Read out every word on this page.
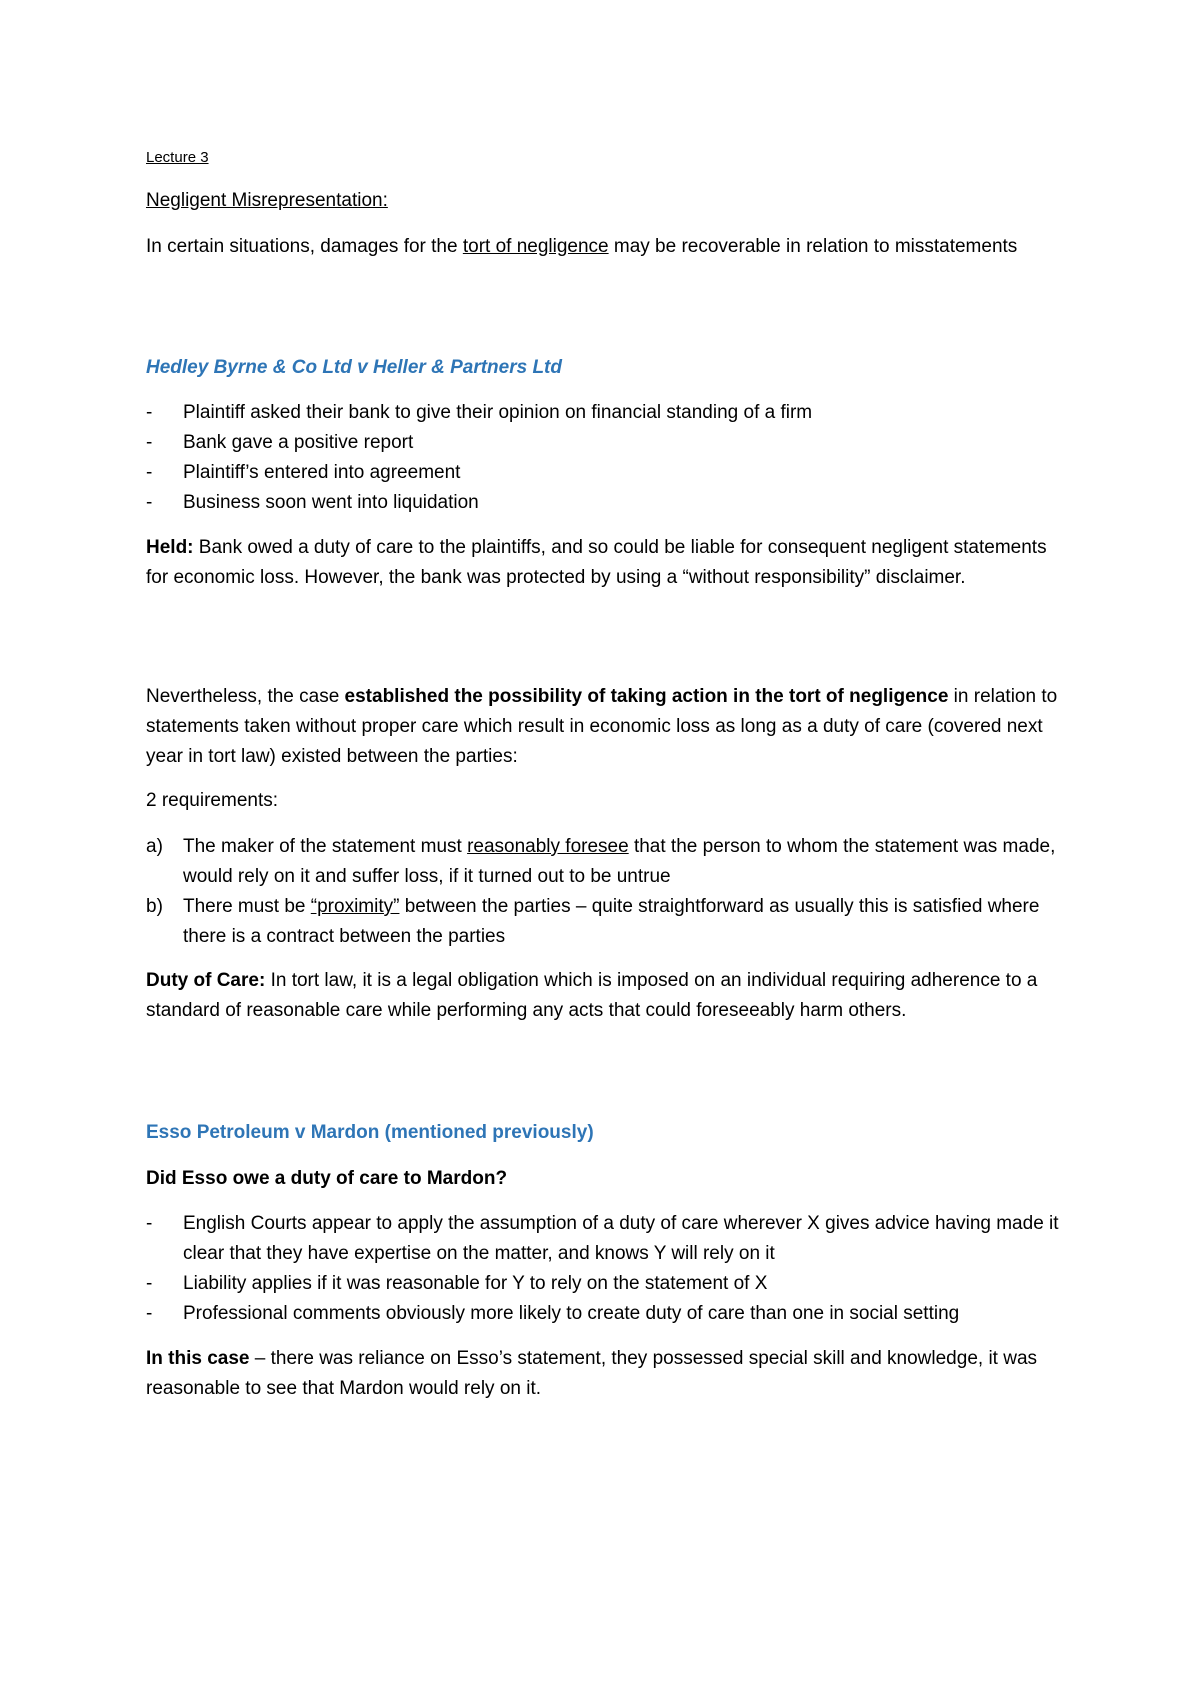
Lecture 3

Negligent Misrepresentation:

In certain situations, damages for the tort of negligence may be recoverable in relation to misstatements

Hedley Byrne & Co Ltd v Heller & Partners Ltd

- Plaintiff asked their bank to give their opinion on financial standing of a firm
- Bank gave a positive report
- Plaintiff’s entered into agreement
- Business soon went into liquidation

Held: Bank owed a duty of care to the plaintiffs, and so could be liable for consequent negligent statements for economic loss. However, the bank was protected by using a “without responsibility” disclaimer.

Nevertheless, the case established the possibility of taking action in the tort of negligence in relation to statements taken without proper care which result in economic loss as long as a duty of care (covered next year in tort law) existed between the parties:

2 requirements:

a) The maker of the statement must reasonably foresee that the person to whom the statement was made, would rely on it and suffer loss, if it turned out to be untrue
b) There must be “proximity” between the parties – quite straightforward as usually this is satisfied where there is a contract between the parties

Duty of Care: In tort law, it is a legal obligation which is imposed on an individual requiring adherence to a standard of reasonable care while performing any acts that could foreseeably harm others.

Esso Petroleum v Mardon (mentioned previously)

Did Esso owe a duty of care to Mardon?

- English Courts appear to apply the assumption of a duty of care wherever X gives advice having made it clear that they have expertise on the matter, and knows Y will rely on it
- Liability applies if it was reasonable for Y to rely on the statement of X
- Professional comments obviously more likely to create duty of care than one in social setting

In this case – there was reliance on Esso’s statement, they possessed special skill and knowledge, it was reasonable to see that Mardon would rely on it.
